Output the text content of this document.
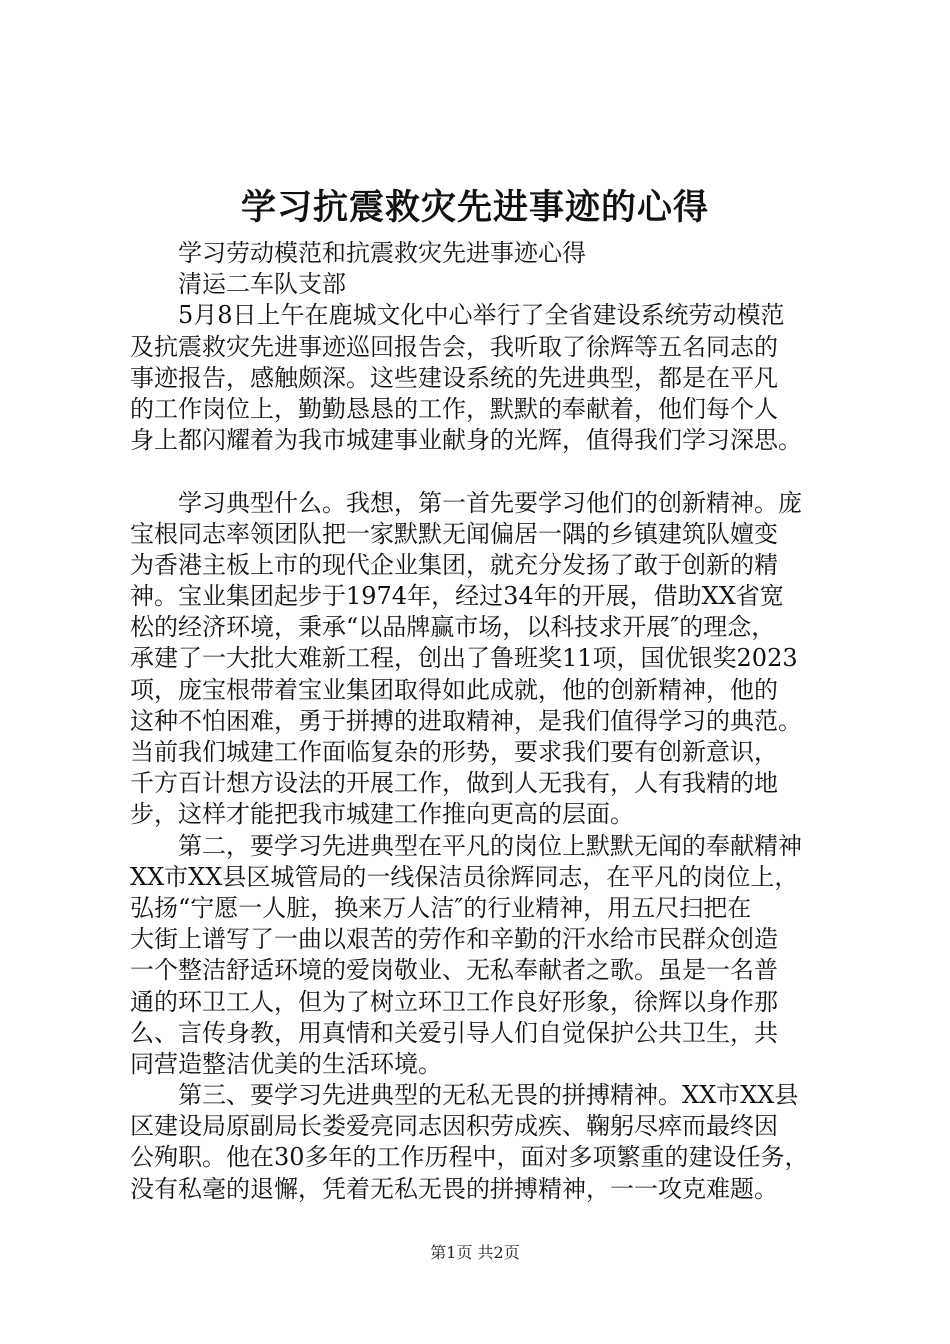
学习抗震救灾先进事迹的心得
学习劳动模范和抗震救灾先进事迹心得
清运二车队支部
5月8日上午在鹿城文化中心举行了全省建设系统劳动模范
及抗震救灾先进事迹巡回报告会，我听取了徐辉等五名同志的
事迹报告，感触颇深。这些建设系统的先进典型，都是在平凡
的工作岗位上，勤勤恳恳的工作，默默的奉献着，他们每个人
身上都闪耀着为我市城建事业献身的光辉，值得我们学习深思。
学习典型什么。我想，第一首先要学习他们的创新精神。庞
宝根同志率领团队把一家默默无闻偏居一隅的乡镇建筑队嬗变
为香港主板上市的现代企业集团，就充分发扬了敢于创新的精
神。宝业集团起步于1974年，经过34年的开展，借助XX省宽
松的经济环境，秉承“以品牌赢市场，以科技求开展″的理念，
承建了一大批大难新工程，创出了鲁班奖11项，国优银奖2023
项，庞宝根带着宝业集团取得如此成就，他的创新精神，他的
这种不怕困难，勇于拼搏的进取精神，是我们值得学习的典范。
当前我们城建工作面临复杂的形势，要求我们要有创新意识，
千方百计想方设法的开展工作，做到人无我有，人有我精的地
步，这样才能把我市城建工作推向更高的层面。
第二，要学习先进典型在平凡的岗位上默默无闻的奉献精神
XX市XX县区城管局的一线保洁员徐辉同志，在平凡的岗位上，
弘扬“宁愿一人脏，换来万人洁″的行业精神，用五尺扫把在
大街上谱写了一曲以艰苦的劳作和辛勤的汗水给市民群众创造
一个整洁舒适环境的爱岗敬业、无私奉献者之歌。虽是一名普
通的环卫工人，但为了树立环卫工作良好形象，徐辉以身作那
么、言传身教，用真情和关爱引导人们自觉保护公共卫生，共
同营造整洁优美的生活环境。
第三、要学习先进典型的无私无畏的拼搏精神。XX市XX县
区建设局原副局长娄爱亮同志因积劳成疾、鞠躬尽瘁而最终因
公殉职。他在30多年的工作历程中，面对多项繁重的建设任务，
没有私毫的退懈，凭着无私无畏的拼搏精神，一一攻克难题。
第1页 共2页
